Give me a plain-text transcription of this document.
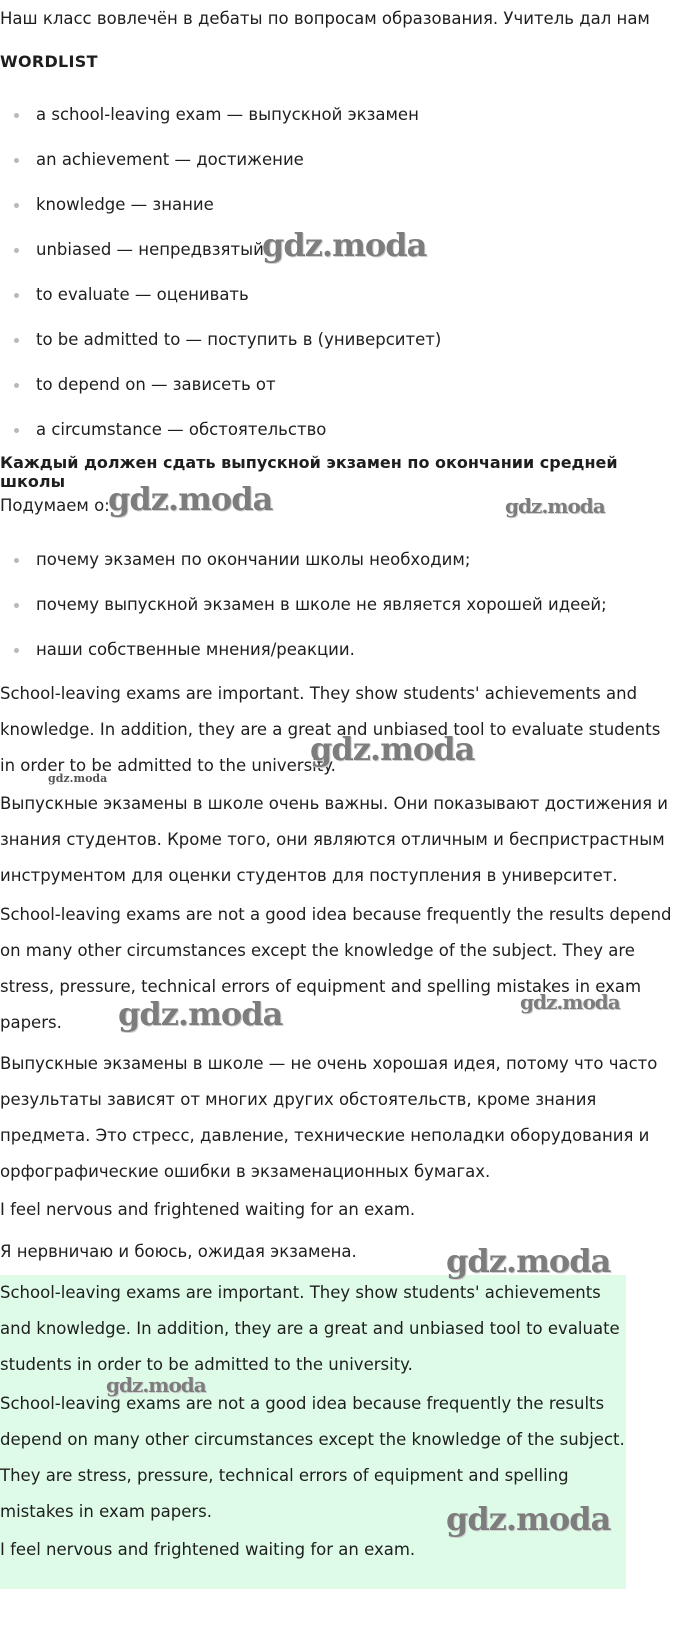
Наш класс вовлечён в дебаты по вопросам образования. Учитель дал нам
WORDLIST
a school-leaving exam — выпускной экзамен
an achievement — достижение
knowledge — знание
unbiased — непредвзятый
to evaluate — оценивать
to be admitted to — поступить в (университет)
to depend on — зависеть от
a circumstance — обстоятельство
Каждый должен сдать выпускной экзамен по окончании средней школы
Подумаем о:
почему экзамен по окончании школы необходим;
почему выпускной экзамен в школе не является хорошей идеей;
наши собственные мнения/реакции.

School-leaving exams are important. They show students' achievements and knowledge. In addition, they are a great and unbiased tool to evaluate students in order to be admitted to the university.

Выпускные экзамены в школе очень важны. Они показывают достижения и знания студентов. Кроме того, они являются отличным и беспристрастным инструментом для оценки студентов для поступления в университет.

School-leaving exams are not a good idea because frequently the results depend on many other circumstances except the knowledge of the subject. They are stress, pressure, technical errors of equipment and spelling mistakes in exam papers.

Выпускные экзамены в школе — не очень хорошая идея, потому что часто результаты зависят от многих других обстоятельств, кроме знания предмета. Это стресс, давление, технические неполадки оборудования и орфографические ошибки в экзаменационных бумагах.

I feel nervous and frightened waiting for an exam.

Я нервничаю и боюсь, ожидая экзамена.

School-leaving exams are important. They show students' achievements and knowledge. In addition, they are a great and unbiased tool to evaluate students in order to be admitted to the university.

School-leaving exams are not a good idea because frequently the results depend on many other circumstances except the knowledge of the subject. They are stress, pressure, technical errors of equipment and spelling mistakes in exam papers.

I feel nervous and frightened waiting for an exam.

gdz.moda
gdz.moda	gdz.moda
gdz.moda
gdz.moda
gdz.moda	gdz.moda
gdz.moda
gdz.moda
gdz.moda
